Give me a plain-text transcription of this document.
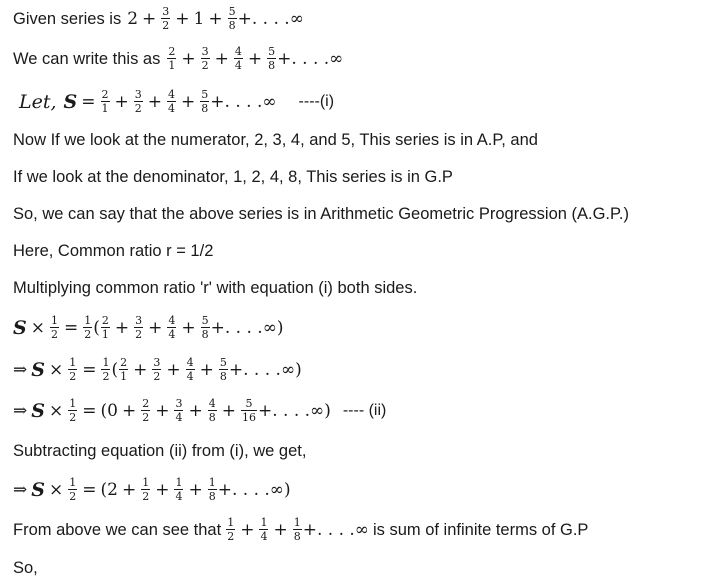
Given series is $2 + \frac{3}{2} + 1 + \frac{5}{8}$ +. . . . ∞
We can write this as $\frac{2}{1} + \frac{3}{2} + \frac{4}{4} + \frac{5}{8}$ +. . . . ∞
Let, $S = \frac{2}{1} + \frac{3}{2} + \frac{4}{4} + \frac{5}{8}$ +. . . . ∞ ----(i)
Now If we look at the numerator, 2, 3, 4, and 5, This series is in A.P, and
If we look at the denominator, 1, 2, 4, 8, This series is in G.P
So, we can say that the above series is in Arithmetic Geometric Progression (A.G.P.)
Here, Common ratio r = 1/2
Multiplying common ratio 'r' with equation (i) both sides.
$S \times \frac{1}{2} = \frac{1}{2}$ ( $\frac{2}{1} + \frac{3}{2} + \frac{4}{4} + \frac{5}{8}$ +. . . . ∞ )
⇒ $S \times \frac{1}{2} = \frac{1}{2}$ ( $\frac{2}{1} + \frac{3}{2} + \frac{4}{4} + \frac{5}{8}$ +. . . . ∞ )
⇒ $S \times \frac{1}{2}$ = ( $0 + \frac{2}{2} + \frac{3}{4} + \frac{4}{8} + \frac{5}{16}$ +. . . . ∞ ) ---- (ii)
Subtracting equation (ii) from (i), we get,
⇒ $S \times \frac{1}{2}$ = ( $2 + \frac{1}{2} + \frac{1}{4} + \frac{1}{8}$ +. . . . ∞ )
From above we can see that $\frac{1}{2} + \frac{1}{4} + \frac{1}{8}$ +. . . . ∞ is sum of infinite terms of G.P
So,
